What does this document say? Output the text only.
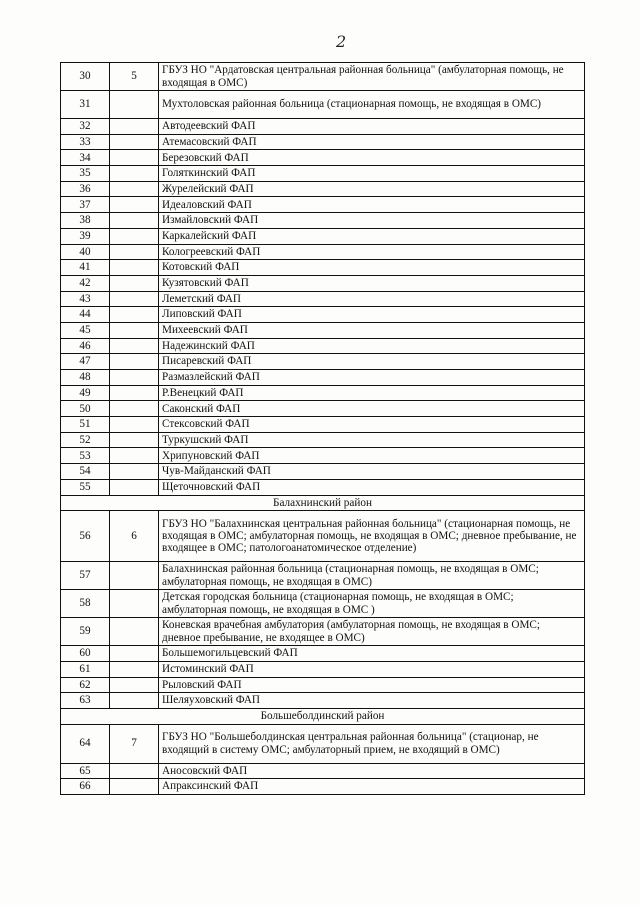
2
30	5	ГБУЗ НО "Ардатовская центральная районная больница" (амбулаторная помощь, не входящая в ОМС)
31		Мухтоловская районная больница (стационарная помощь, не входящая в ОМС)
32		Автодеевский ФАП
33		Атемасовский ФАП
34		Березовский ФАП
35		Голяткинский ФАП
36		Журелейский ФАП
37		Идеаловский ФАП
38		Измайловский ФАП
39		Каркалейский ФАП
40		Кологреевский ФАП
41		Котовский ФАП
42		Кузятовский ФАП
43		Леметский ФАП
44		Липовский ФАП
45		Михеевский ФАП
46		Надежинский ФАП
47		Писаревский ФАП
48		Размазлейский ФАП
49		Р.Венецкий ФАП
50		Саконский ФАП
51		Стексовский ФАП
52		Туркушский ФАП
53		Хрипуновский ФАП
54		Чув-Майданский ФАП
55		Щеточновский ФАП
Балахнинский район		
56	6	ГБУЗ НО "Балахнинская центральная районная больница" (стационарная помощь, не входящая в ОМС; амбулаторная помощь, не входящая в ОМС; дневное пребывание, не входящее в ОМС; патологоанатомическое отделение)
57		Балахнинская районная больница (стационарная помощь, не входящая в ОМС; амбулаторная помощь, не входящая в ОМС)
58		Детская городская больница (стационарная помощь, не входящая в ОМС; амбулаторная помощь, не входящая в ОМС )
59		Коневская врачебная амбулатория (амбулаторная помощь, не входящая в ОМС; дневное пребывание, не входящее в ОМС)
60		Большемогильцевский ФАП
61		Истоминский ФАП
62		Рыловский ФАП
63		Шеляуховский ФАП
Большеболдинский район		
64	7	ГБУЗ НО "Большеболдинская центральная районная больница" (стационар, не входящий в систему ОМС; амбулаторный прием, не входящий в ОМС)
65		Аносовский ФАП
66		Апраксинский ФАП
